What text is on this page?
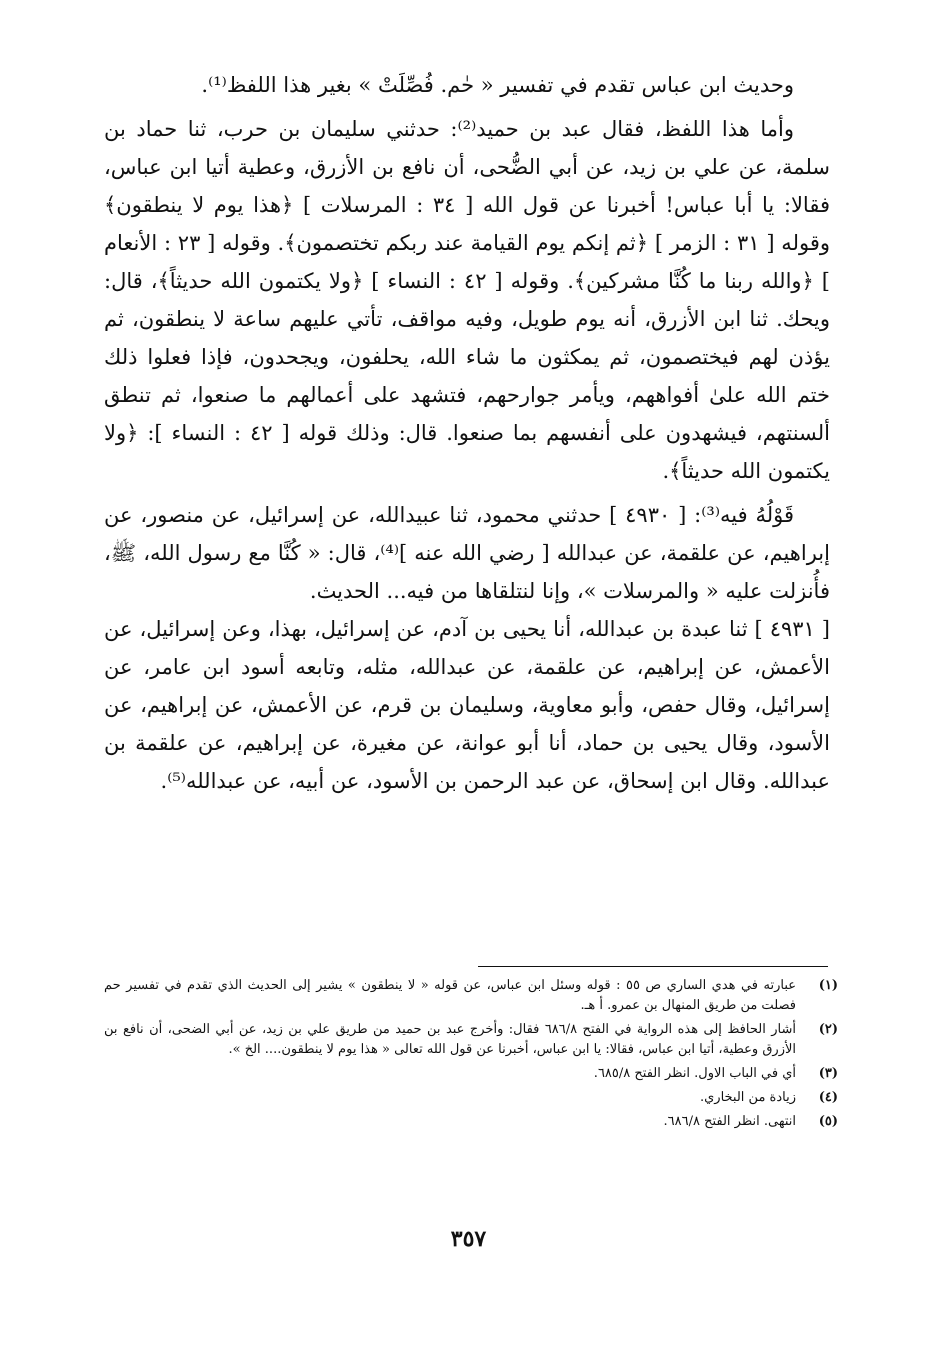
وحديث ابن عباس تقدم في تفسير « حٰم. فُصِّلَتْ » بغير هذا اللفظ⁽¹⁾.

وأما هذا اللفظ، فقال عبد بن حميد⁽²⁾: حدثني سليمان بن حرب، ثنا حماد بن سلمة، عن علي بن زيد، عن أبي الضُّحى، أن نافع بن الأزرق، وعطية أتيا ابن عباس، فقالا: يا أبا عباس! أخبرنا عن قول الله [ ٣٤ : المرسلات ] ﴿هذا يوم لا ينطقون﴾ وقوله [ ٣١ : الزمر ] ﴿ثم إنكم يوم القيامة عند ربكم تختصمون﴾. وقوله [ ٢٣ : الأنعام ] ﴿والله ربنا ما كُنَّا مشركين﴾. وقوله [ ٤٢ : النساء ] ﴿ولا يكتمون الله حديثاً﴾، قال: ويحك. ثنا ابن الأزرق، أنه يوم طويل، وفيه مواقف، تأتي عليهم ساعة لا ينطقون، ثم يؤذن لهم فيختصمون، ثم يمكثون ما شاء الله، يحلفون، ويجحدون، فإذا فعلوا ذلك ختم الله علىٰ أفواههم، ويأمر جوارحهم، فتشهد على أعمالهم ما صنعوا، ثم تنطق ألسنتهم، فيشهدون على أنفسهم بما صنعوا. قال: وذلك قوله [ ٤٢ : النساء ]: ﴿ولا يكتمون الله حديثاً﴾.

قَوْلُهُ فيه⁽³⁾: [ ٤٩٣٠ ] حدثني محمود، ثنا عبيدالله، عن إسرائيل، عن منصور، عن إبراهيم، عن علقمة، عن عبدالله [ رضي الله عنه ]⁽⁴⁾، قال: « كُنَّا مع رسول الله، ﷺ، فأُنزلت عليه « والمرسلات »، وإنا لنتلقاها من فيه... الحديث.

[ ٤٩٣١ ] ثنا عبدة بن عبدالله، أنا يحيى بن آدم، عن إسرائيل، بهذا، وعن إسرائيل، عن الأعمش، عن إبراهيم، عن علقمة، عن عبدالله، مثله، وتابعه أسود ابن عامر، عن إسرائيل، وقال حفص، وأبو معاوية، وسليمان بن قرم، عن الأعمش، عن إبراهيم، عن الأسود، وقال يحيى بن حماد، أنا أبو عوانة، عن مغيرة، عن إبراهيم، عن علقمة بن عبدالله. وقال ابن إسحاق، عن عبد الرحمن بن الأسود، عن أبيه، عن عبدالله⁽⁵⁾.

(١)
عبارته في هدي الساري ص ٥٥ : قوله وسئل ابن عباس، عن قوله « لا ينطقون » يشير إلى الحديث الذي تقدم في تفسير حم فصلت من طريق المنهال بن عمرو. أ هـ.
(٢)
أشار الحافظ إلى هذه الرواية في الفتح ٦٨٦/٨ فقال: وأخرج عبد بن حميد من طريق علي بن زيد، عن أبي الضحى، أن نافع بن الأزرق وعطية، أتيا ابن عباس، فقالا: يا ابن عباس، أخبرنا عن قول الله تعالى « هذا يوم لا ينطقون.... الخ ».
(٣)
أي في الباب الاول. انظر الفتح ٦٨٥/٨.
(٤)
زيادة من البخاري.
(٥)
انتهى. انظر الفتح ٦٨٦/٨.
٣٥٧
